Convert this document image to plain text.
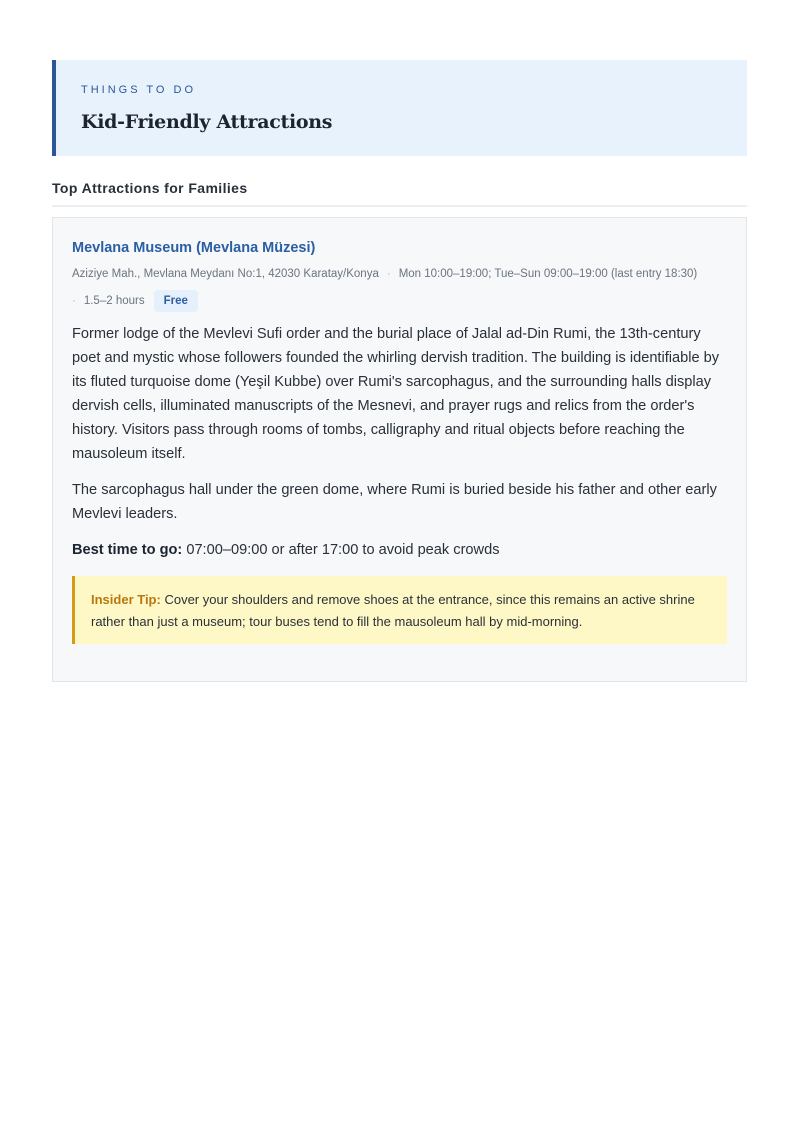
THINGS TO DO

Kid-Friendly Attractions
Top Attractions for Families
Mevlana Museum (Mevlana Müzesi)
Aziziye Mah., Mevlana Meydanı No:1, 42030 Karatay/Konya · Mon 10:00–19:00; Tue–Sun 09:00–19:00 (last entry 18:30)
· 1.5–2 hours	Free

Former lodge of the Mevlevi Sufi order and the burial place of Jalal ad-Din Rumi, the 13th-century poet and mystic whose followers founded the whirling dervish tradition. The building is identifiable by its fluted turquoise dome (Yeşil Kubbe) over Rumi's sarcophagus, and the surrounding halls display dervish cells, illuminated manuscripts of the Mesnevi, and prayer rugs and relics from the order's history. Visitors pass through rooms of tombs, calligraphy and ritual objects before reaching the mausoleum itself.

The sarcophagus hall under the green dome, where Rumi is buried beside his father and other early Mevlevi leaders.

Best time to go: 07:00–09:00 or after 17:00 to avoid peak crowds

Insider Tip: Cover your shoulders and remove shoes at the entrance, since this remains an active shrine rather than just a museum; tour buses tend to fill the mausoleum hall by mid-morning.
